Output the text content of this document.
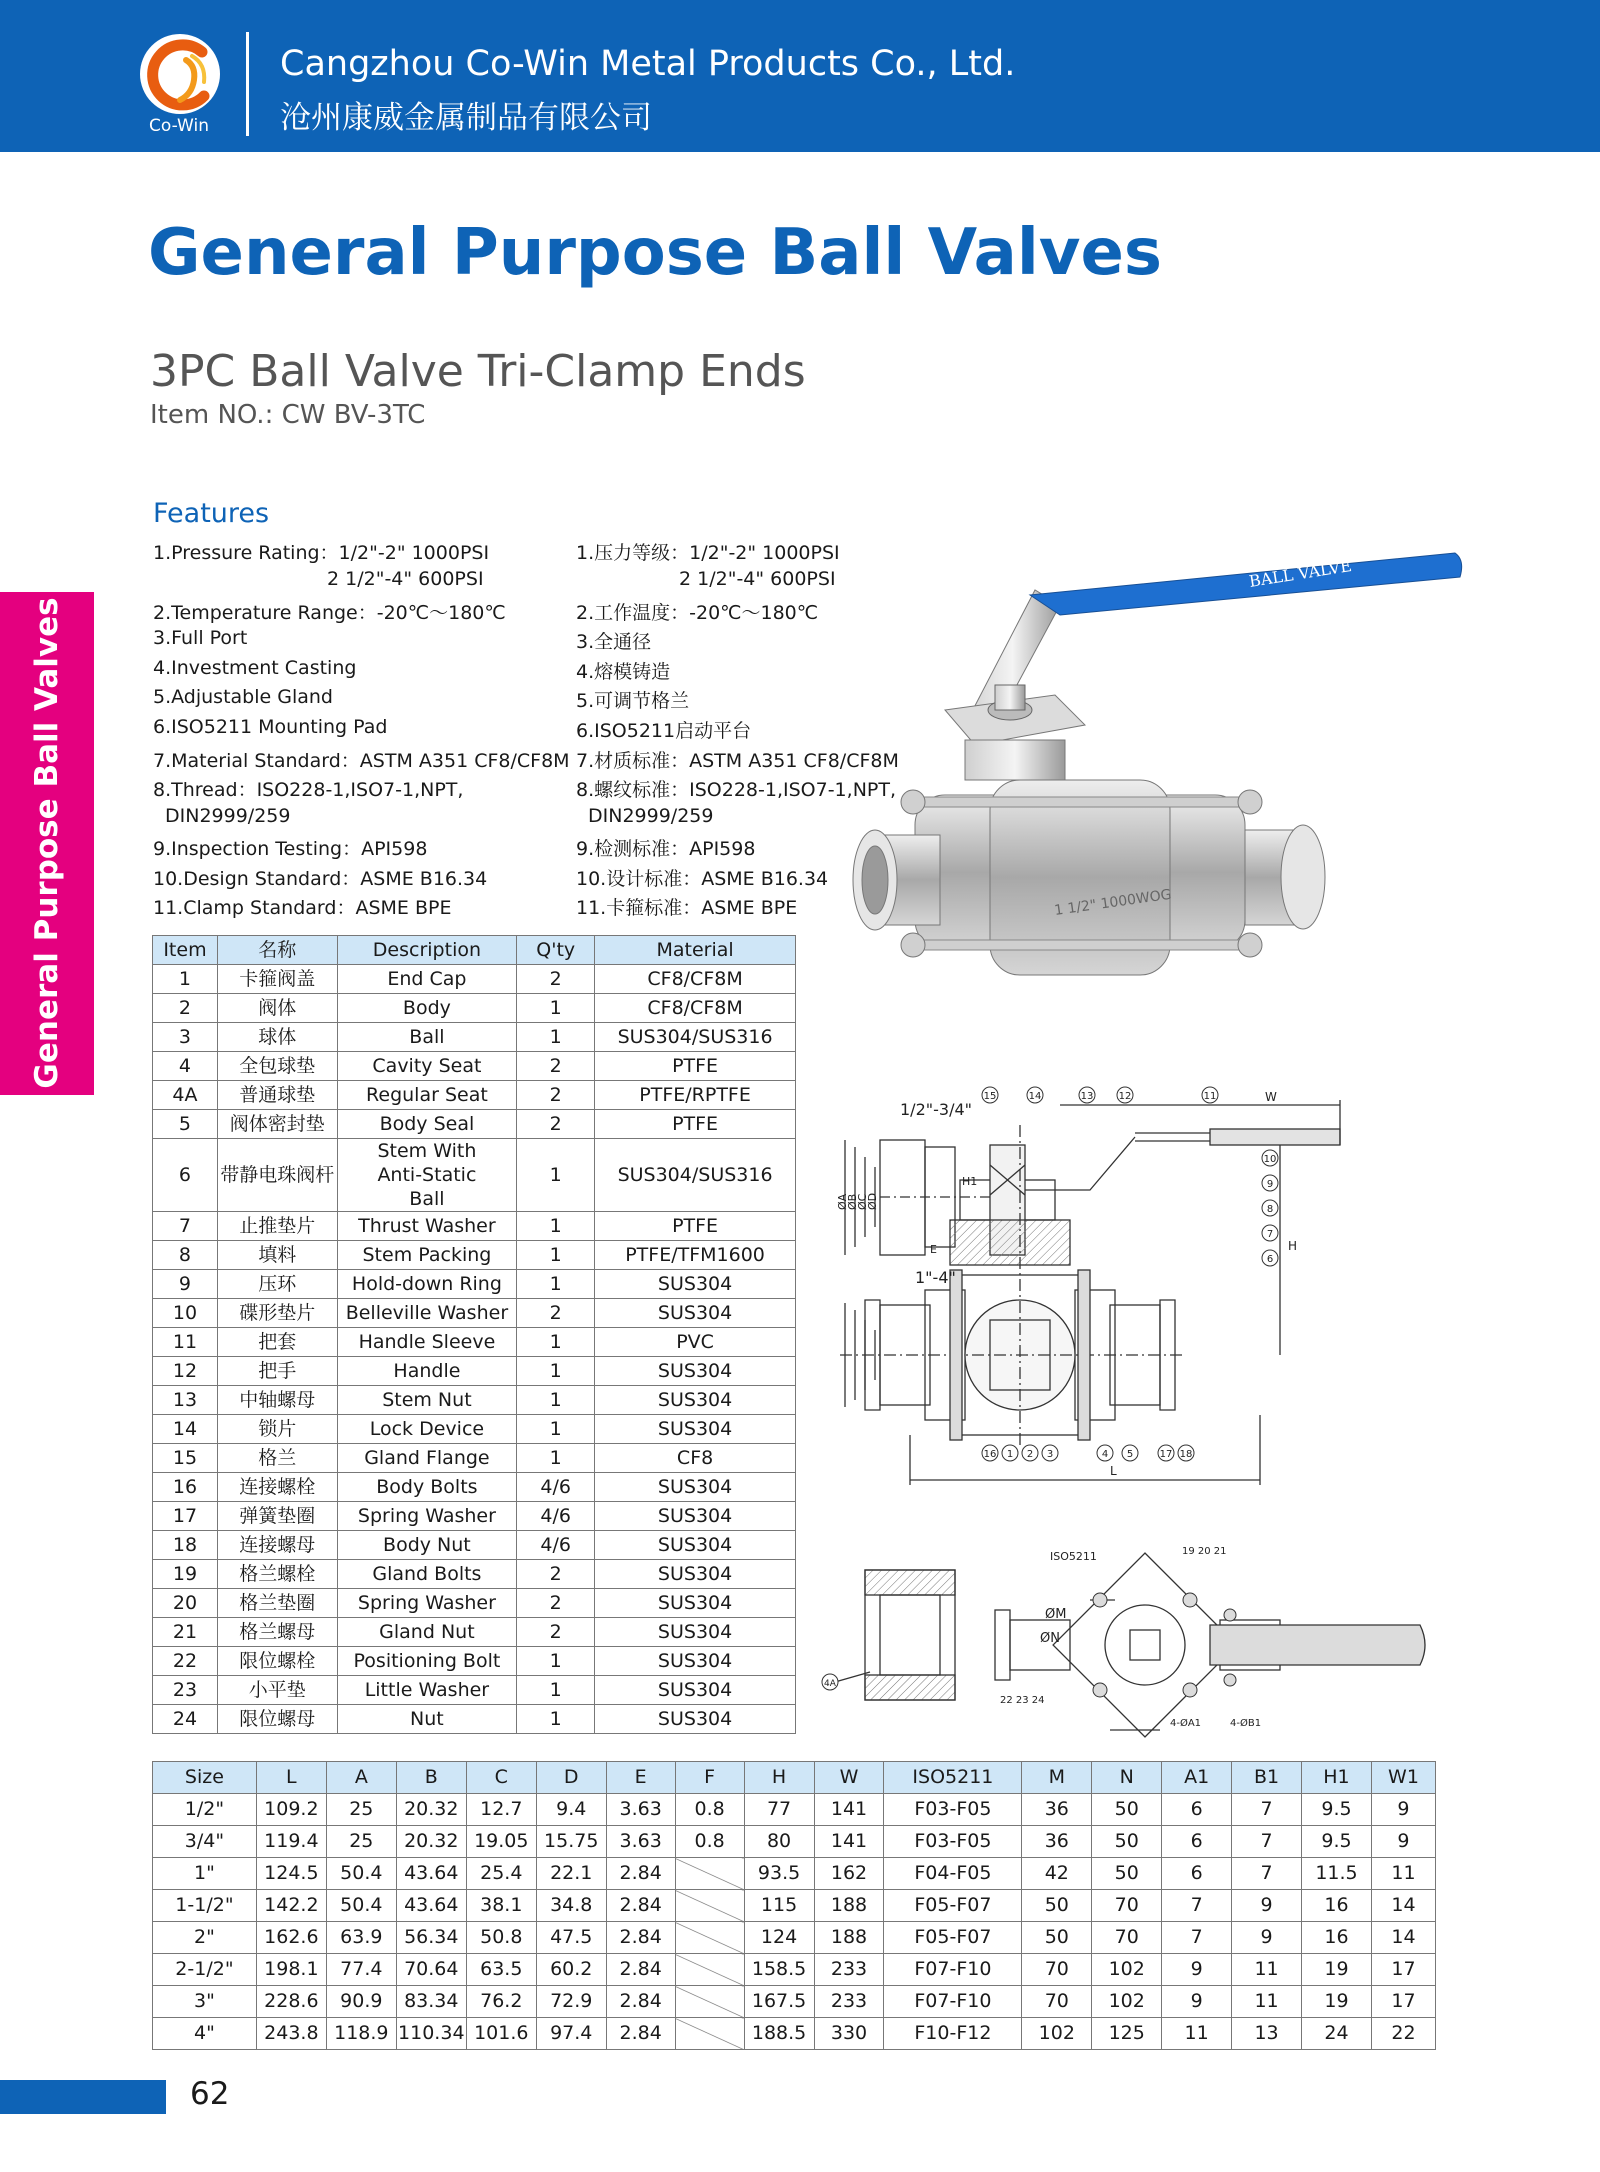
Co-Win
Cangzhou Co-Win Metal Products Co., Ltd.
沧州康威金属制品有限公司
General Purpose Ball Valves
General Purpose Ball Valves
3PC Ball Valve Tri-Clamp Ends
Item NO.: CW BV-3TC
Features
1.Pressure Rating：1/2"-2" 1000PSI
2 1/2"-4" 600PSI
2.Temperature Range：-20℃～180℃
3.Full Port
4.Investment Casting
5.Adjustable Gland
6.ISO5211 Mounting Pad
7.Material Standard：ASTM A351 CF8/CF8M
8.Thread：ISO228-1,ISO7-1,NPT,
DIN2999/259
9.Inspection Testing：API598
10.Design Standard：ASME B16.34
11.Clamp Standard：ASME BPE
1.压力等级：1/2"-2" 1000PSI
2 1/2"-4" 600PSI
2.工作温度：-20℃～180℃
3.全通径
4.熔模铸造
5.可调节格兰
6.ISO5211启动平台
7.材质标准：ASTM A351 CF8/CF8M
8.螺纹标准：ISO228-1,ISO7-1,NPT,
DIN2999/259
9.检测标准：API598
10.设计标准：ASME B16.34
11.卡箍标准：ASME BPE
BALL VALVE
1 1/2" 1000WOG
1/2"-3/4"
1"-4"
ØA
ØB
ØC
ØD
H
H1
E
W
L
15	14	13	12	11
10
9
8
7
6
16 1 2 3	4 5	17 18
4A
ISO5211
ØM
ØN
19 20 21
22 23 24
4-ØA1	4-ØB1
Item	名称	Description	Q'ty	Material
1	卡箍阀盖	End Cap	2	CF8/CF8M
2	阀体	Body	1	CF8/CF8M
3	球体	Ball	1	SUS304/SUS316
4	全包球垫	Cavity Seat	2	PTFE
4A	普通球垫	Regular Seat	2	PTFE/RPTFE
5	阀体密封垫	Body Seal	2	PTFE
6	带静电珠阀杆	Stem With Anti-Static Ball	1	SUS304/SUS316
7	止推垫片	Thrust Washer	1	PTFE
8	填料	Stem Packing	1	PTFE/TFM1600
9	压环	Hold-down Ring	1	SUS304
10	碟形垫片	Belleville Washer	2	SUS304
11	把套	Handle Sleeve	1	PVC
12	把手	Handle	1	SUS304
13	中轴螺母	Stem Nut	1	SUS304
14	锁片	Lock Device	1	SUS304
15	格兰	Gland Flange	1	CF8
16	连接螺栓	Body Bolts	4/6	SUS304
17	弹簧垫圈	Spring Washer	4/6	SUS304
18	连接螺母	Body Nut	4/6	SUS304
19	格兰螺栓	Gland Bolts	2	SUS304
20	格兰垫圈	Spring Washer	2	SUS304
21	格兰螺母	Gland Nut	2	SUS304
22	限位螺栓	Positioning Bolt	1	SUS304
23	小平垫	Little Washer	1	SUS304
24	限位螺母	Nut	1	SUS304
Size	L	A	B	C	D	E	F	H	W	ISO5211	M	N	A1	B1	H1	W1
1/2"	109.2	25	20.32	12.7	9.4	3.63	0.8	77	141	F03-F05	36	50	6	7	9.5	9
3/4"	119.4	25	20.32	19.05	15.75	3.63	0.8	80	141	F03-F05	36	50	6	7	9.5	9
1"	124.5	50.4	43.64	25.4	22.1	2.84		93.5	162	F04-F05	42	50	6	7	11.5	11
1-1/2"	142.2	50.4	43.64	38.1	34.8	2.84		115	188	F05-F07	50	70	7	9	16	14
2"	162.6	63.9	56.34	50.8	47.5	2.84		124	188	F05-F07	50	70	7	9	16	14
2-1/2"	198.1	77.4	70.64	63.5	60.2	2.84		158.5	233	F07-F10	70	102	9	11	19	17
3"	228.6	90.9	83.34	76.2	72.9	2.84		167.5	233	F07-F10	70	102	9	11	19	17
4"	243.8	118.9	110.34	101.6	97.4	2.84		188.5	330	F10-F12	102	125	11	13	24	22
62
